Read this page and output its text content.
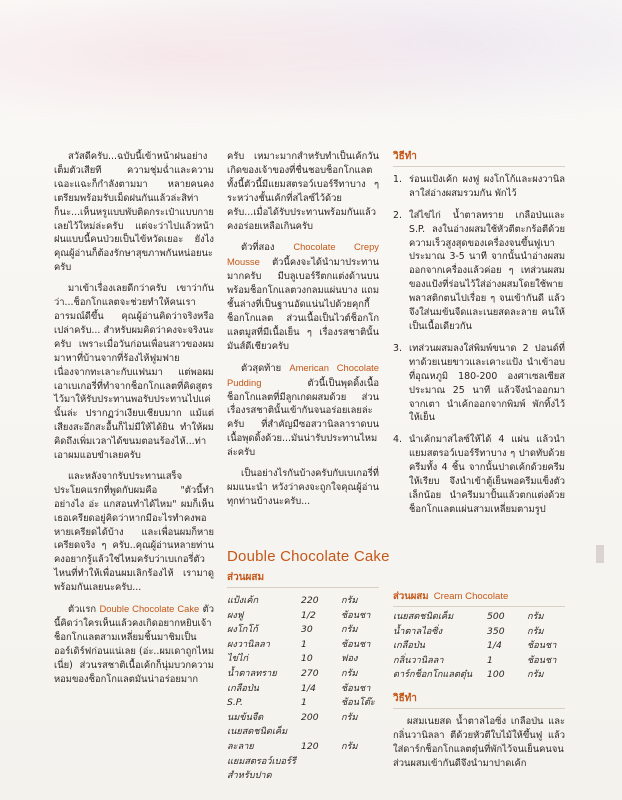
สวัสดีครับ...ฉบับนี้เข้าหน้าฝนอย่างเต็มตัวเสียที ความชุ่มฉ่ำและความเฉอะแฉะก็กำลังตามมา หลายคนคงเตรียมพร้อมรับเม็ดฝนกันแล้วล่ะสิท่า ก็นะ...เห็นหรูแบบพับติดกระเป๋าแบบกายเลยไว้ใหม่ล่ะครับ แต่จะว่าไปแล้วหน้าฝนแบบนี้คนป่วยเป็นไข้หวัดเยอะ ยังไงคุณผู้อ่านก็ต้องรักษาสุขภาพกันหน่อยนะครับ

มาเข้าเรื่องเลยดีกว่าครับ เขาว่ากันว่า...ช็อกโกแลตจะช่วยทำให้คนเราอารมณ์ดีขึ้น คุณผู้อ่านคิดว่าจริงหรือเปล่าครับ... สำหรับผมคิดว่าคงจะจริงนะครับ เพราะเมื่อวันก่อนเพื่อนสาวของผมมาหาที่บ้านจากที่ร้องไห้ฟูมฟายเนื่องจากทะเลาะกับแฟนมา แต่พอผมเอาเบเกอรี่ที่ทำจากช็อกโกแลตที่คิดสูตรไว้มาให้รับประทานพอรับประทานไปแค่นั้นล่ะ ปรากฏว่าเงียบเชียบมาก แม้แต่เสียงสะอึกสะอื้นก็ไม่มีให้ได้ยิน ทำให้ผมคิดถึงเพิ่มเวลาได้ขนมตอนร้องไห้...ท่าเอาผมแอบขำเลยครับ

และหลังจากรับประทานเสร็จ ประโยคแรกที่พูดกับผมคือ "ตัวนี้ทำอย่างไง อ่ะ แกสอนทำได้ไหม" ผมก็เห็นเธอเครียดอยู่คิดว่าหากมีอะไรทำคงพอหายเครียดได้บ้าง และเพื่อนผมก็หายเครียดจริง ๆ ครับ..คุณผู้อ่านหลายท่านคงอยากรู้แล้วใช่ไหมครับว่าเบเกอรี่ตัวไหนที่ทำให้เพื่อนผมเลิกร้องไห้ เรามาดูพร้อมกันเลยนะครับ...

ตัวแรก Double Chocolate Cake ตัวนี้คิดว่าใครเห็นแล้วคงเกิดอยากหยิบเจ้าช็อกโกแลตสามเหลี่ยมชิ้นมาชิมเป็นออร์เดิร์ฟก่อนแน่เลย (อ่ะ..ผมเดาถูกไหมเนี่ย) ส่วนรสชาติเนื้อเค้กก็นุ่มบวกความหอมของช็อกโกแลตมันน่าอร่อยมาก

ครับ เหมาะมากสำหรับทำเป็นเค้กวันเกิดของเจ้าของที่ชื่นชอบช็อกโกแลต ทั้งนี้ตัวนี้มีแยมสตรอว์เบอร์รีทาบาง ๆ ระหว่างชั้นเค้กที่สไลซ์ไว้ด้วยครับ...เมื่อได้รับประทานพร้อมกันแล้วคงอร่อยเหลือเกินครับ

ตัวที่สอง Chocolate Crepy Mousse ตัวนี้คงจะได้นำมาประทานมากครับ มีบลูเบอร์รีตกแต่งด้านบนพร้อมช็อกโกแลตวงกลมแผ่นบาง แถมชั้นล่างที่เป็นฐานอัดแน่นไปด้วยคุกกี้ช็อกโกแลต ส่วนเนื้อเป็นไวต์ช็อกโกแลตมูสที่มีเนื้อเย็น ๆ เรื่องรสชาตินั้นมันส์ดีเชียวครับ

ตัวสุดท้าย American Chocolate Pudding	ตัวนี้เป็นพุดดิ้งเนื้อช็อกโกแลตที่มีลูกเกดผสมด้วย ส่วนเรื่องรสชาตินั้นเข้ากันจนอร่อยเลยล่ะครับ ที่สำคัญมีซอสวานิลลาราดบนเนื้อพุดดิ้งด้วย...มันน่ารับประทานไหมล่ะครับ

เป็นอย่างไรกันบ้างครับกับเบเกอรี่ที่ผมแนะนำ หวังว่าคงจะถูกใจคุณผู้อ่านทุกท่านบ้างนะครับ...

Double Chocolate Cake
ส่วนผสม
แป้งเค้ก	220	กรัม
ผงฟู	1/2	ช้อนชา
ผงโกโก้	30	กรัม
ผงวานิลลา	1	ช้อนชา
ไข่ไก่	10	ฟอง
น้ำตาลทราย	270	กรัม
เกลือป่น	1/4	ช้อนชา
S.P.	1	ช้อนโต๊ะ
นมข้นจืด	200	กรัม
เนยสดชนิดเค็ม		
ละลาย	120	กรัม
แยมสตรอว์เบอร์รีสำหรับปาด		
วิธีทำ
1. ร่อนแป้งเค้ก ผงฟู ผงโกโก้และผงวานิลลาใส่อ่างผสมรวมกัน พักไว้
2. ใส่ไข่ไก่ น้ำตาลทราย เกลือป่นและ S.P. ลงในอ่างผสมใช้หัวตีตะกร้อตีด้วยความเร็วสูงสุดของเครื่องจนขึ้นฟูเบาประมาณ 3-5 นาที จากนั้นนำอ่างผสมออกจากเครื่องแล้วค่อย ๆ เทส่วนผสมของแป้งที่ร่อนไว้ใส่อ่างผสมโดยใช้พายพลาสติกตนไปเรื่อย ๆ จนเข้ากันดี แล้วจึงใส่นมข้นจืดและเนยสดละลาย คนให้เป็นเนื้อเดียวกัน
3. เทส่วนผสมลงใส่พิมพ์ขนาด 2 ปอนด์ที่ทาด้วยเนยขาวและเคาะแป้ง นำเข้าอบที่อุณหภูมิ 180-200 องศาเซลเซียส ประมาณ 25 นาที แล้วจึงนำออกมาจากเตา นำเค้กออกจากพิมพ์ พักทิ้งไว้ให้เย็น
4. นำเค้กมาสไลซ์ให้ได้ 4 แผ่น แล้วนำแยมสตรอว์เบอร์รีทาบาง ๆ ปาดทับด้วยครีมทั้ง 4 ชิ้น จากนั้นปาดเค้กด้วยครีมให้เรียบ จึงนำเข้าตู้เย็นพอครีมแข็งตัวเล็กน้อย นำครีมมาปั้นแล้วตกแต่งด้วยช็อกโกแลตแผ่นสามเหลี่ยมตามรูป
ส่วนผสม Cream Chocolate
เนยสดชนิดเค็ม	500	กรัม
น้ำตาลไอซิ่ง	350	กรัม
เกลือป่น	1/4	ช้อนชา
กลิ่นวานิลลา	1	ช้อนชา
ดาร์กช็อกโกแลตตุ๋น	100	กรัม
วิธีทำ

ผสมเนยสด น้ำตาลไอซิ่ง เกลือป่น และกลิ่นวานิลลา ตีด้วยหัวตีใบไม้ให้ขึ้นฟู แล้วใส่ดาร์กช็อกโกแลตตุ๋นที่พักไว้จนเย็นคนจนส่วนผสมเข้ากันดีจึงนำมาปาดเค้ก
